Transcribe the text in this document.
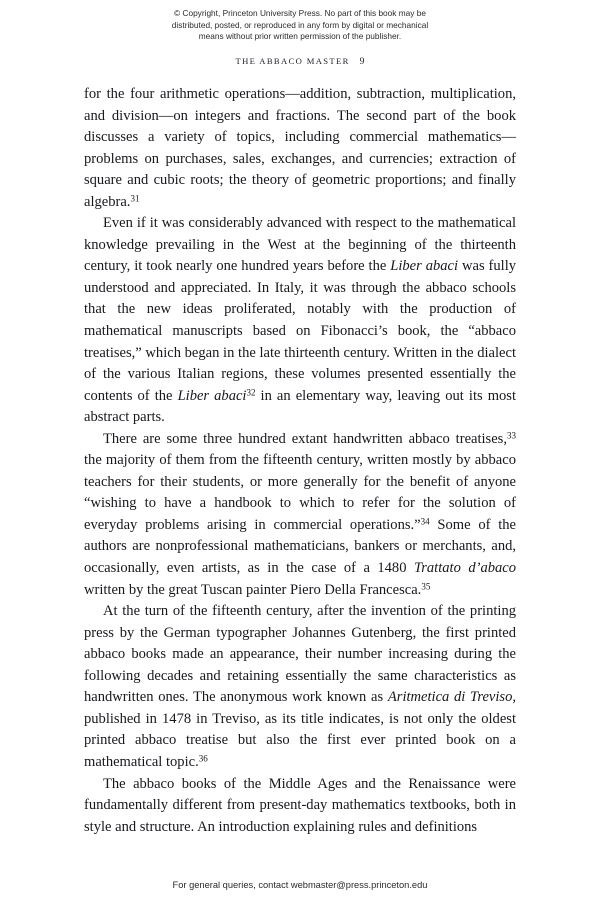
© Copyright, Princeton University Press. No part of this book may be
distributed, posted, or reproduced in any form by digital or mechanical
means without prior written permission of the publisher.
THE ABBACO MASTER 9

for the four arithmetic operations—addition, subtraction, multiplication, and division—on integers and fractions. The second part of the book discusses a variety of topics, including commercial mathematics—problems on purchases, sales, exchanges, and currencies; extraction of square and cubic roots; the theory of geometric proportions; and finally algebra.$^{31}$

Even if it was considerably advanced with respect to the mathematical knowledge prevailing in the West at the beginning of the thirteenth century, it took nearly one hundred years before the Liber abaci was fully understood and appreciated. In Italy, it was through the abbaco schools that the new ideas proliferated, notably with the production of mathematical manuscripts based on Fibonacci’s book, the “abbaco treatises,” which began in the late thirteenth century. Written in the dialect of the various Italian regions, these volumes presented essentially the contents of the Liber abaci$^{32}$ in an elementary way, leaving out its most abstract parts.

There are some three hundred extant handwritten abbaco treatises,$^{33}$ the majority of them from the fifteenth century, written mostly by abbaco teachers for their students, or more generally for the benefit of anyone “wishing to have a handbook to which to refer for the solution of everyday problems arising in commercial operations.”$^{34}$ Some of the authors are nonprofessional mathematicians, bankers or merchants, and, occasionally, even artists, as in the case of a 1480 Trattato d’abaco written by the great Tuscan painter Piero Della Francesca.$^{35}$

At the turn of the fifteenth century, after the invention of the printing press by the German typographer Johannes Gutenberg, the first printed abbaco books made an appearance, their number increasing during the following decades and retaining essentially the same characteristics as handwritten ones. The anonymous work known as Aritmetica di Treviso, published in 1478 in Treviso, as its title indicates, is not only the oldest printed abbaco treatise but also the first ever printed book on a mathematical topic.$^{36}$

The abbaco books of the Middle Ages and the Renaissance were fundamentally different from present-day mathematics textbooks, both in style and structure. An introduction explaining rules and definitions

For general queries, contact webmaster@press.princeton.edu
